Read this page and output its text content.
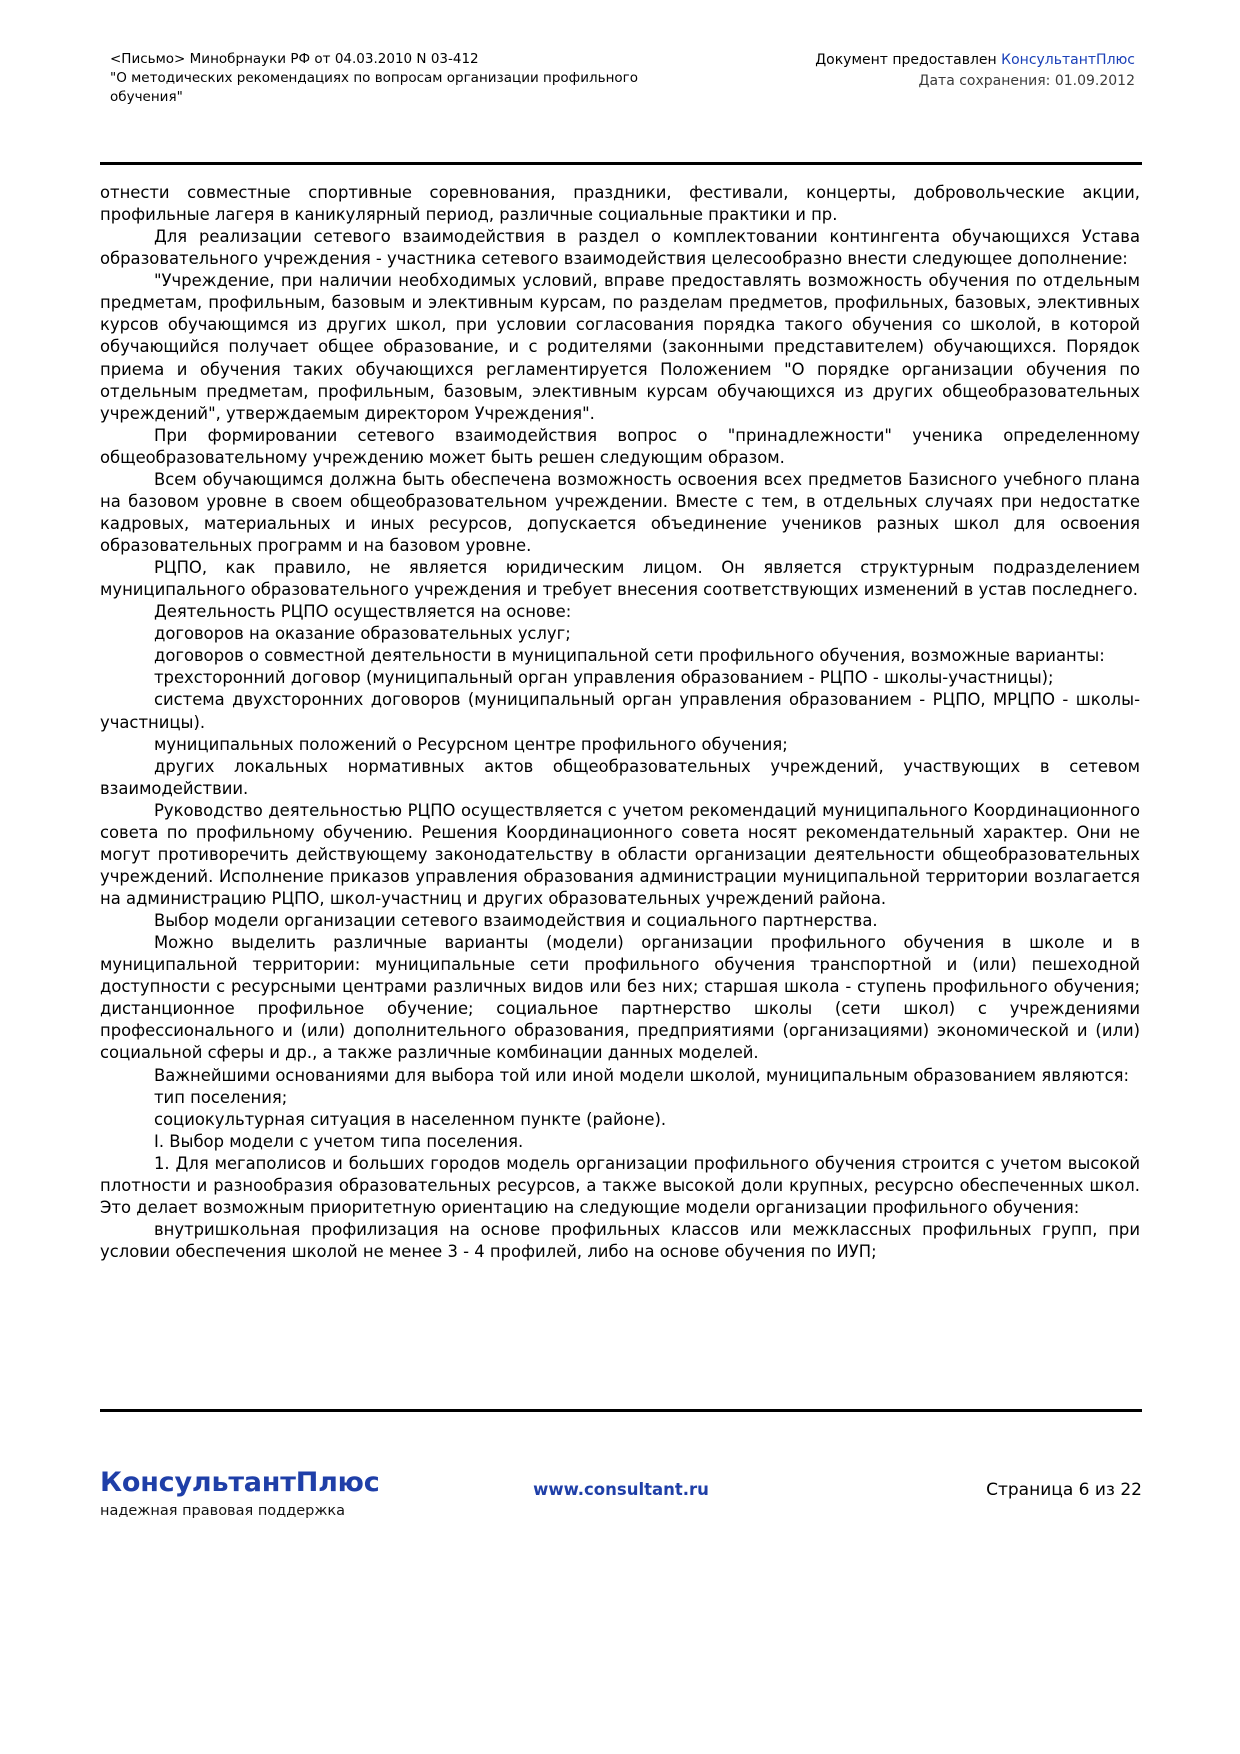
<Письмо> Минобрнауки РФ от 04.03.2010 N 03-412
"О методических рекомендациях по вопросам организации профильного
обучения"
Документ предоставлен КонсультантПлюс
Дата сохранения: 01.09.2012

отнести совместные спортивные соревнования, праздники, фестивали, концерты, добровольческие акции, профильные лагеря в каникулярный период, различные социальные практики и пр.

Для реализации сетевого взаимодействия в раздел о комплектовании контингента обучающихся Устава образовательного учреждения - участника сетевого взаимодействия целесообразно внести следующее дополнение:

"Учреждение, при наличии необходимых условий, вправе предоставлять возможность обучения по отдельным предметам, профильным, базовым и элективным курсам, по разделам предметов, профильных, базовых, элективных курсов обучающимся из других школ, при условии согласования порядка такого обучения со школой, в которой обучающийся получает общее образование, и с родителями (законными представителем) обучающихся. Порядок приема и обучения таких обучающихся регламентируется Положением "О порядке организации обучения по отдельным предметам, профильным, базовым, элективным курсам обучающихся из других общеобразовательных учреждений", утверждаемым директором Учреждения".

При формировании сетевого взаимодействия вопрос о "принадлежности" ученика определенному общеобразовательному учреждению может быть решен следующим образом.

Всем обучающимся должна быть обеспечена возможность освоения всех предметов Базисного учебного плана на базовом уровне в своем общеобразовательном учреждении. Вместе с тем, в отдельных случаях при недостатке кадровых, материальных и иных ресурсов, допускается объединение учеников разных школ для освоения образовательных программ и на базовом уровне.

РЦПО, как правило, не является юридическим лицом. Он является структурным подразделением муниципального образовательного учреждения и требует внесения соответствующих изменений в устав последнего.

Деятельность РЦПО осуществляется на основе:

договоров на оказание образовательных услуг;

договоров о совместной деятельности в муниципальной сети профильного обучения, возможные варианты:

трехсторонний договор (муниципальный орган управления образованием - РЦПО - школы-участницы);

система двухсторонних договоров (муниципальный орган управления образованием - РЦПО, МРЦПО - школы-участницы).

муниципальных положений о Ресурсном центре профильного обучения;

других локальных нормативных актов общеобразовательных учреждений, участвующих в сетевом взаимодействии.

Руководство деятельностью РЦПО осуществляется с учетом рекомендаций муниципального Координационного совета по профильному обучению. Решения Координационного совета носят рекомендательный характер. Они не могут противоречить действующему законодательству в области организации деятельности общеобразовательных учреждений. Исполнение приказов управления образования администрации муниципальной территории возлагается на администрацию РЦПО, школ-участниц и других образовательных учреждений района.

Выбор модели организации сетевого взаимодействия и социального партнерства.

Можно выделить различные варианты (модели) организации профильного обучения в школе и в муниципальной территории: муниципальные сети профильного обучения транспортной и (или) пешеходной доступности с ресурсными центрами различных видов или без них; старшая школа - ступень профильного обучения; дистанционное профильное обучение; социальное партнерство школы (сети школ) с учреждениями профессионального и (или) дополнительного образования, предприятиями (организациями) экономической и (или) социальной сферы и др., а также различные комбинации данных моделей.

Важнейшими основаниями для выбора той или иной модели школой, муниципальным образованием являются:

тип поселения;

социокультурная ситуация в населенном пункте (районе).

I. Выбор модели с учетом типа поселения.

1. Для мегаполисов и больших городов модель организации профильного обучения строится с учетом высокой плотности и разнообразия образовательных ресурсов, а также высокой доли крупных, ресурсно обеспеченных школ. Это делает возможным приоритетную ориентацию на следующие модели организации профильного обучения:

внутришкольная профилизация на основе профильных классов или межклассных профильных групп, при условии обеспечения школой не менее 3 - 4 профилей, либо на основе обучения по ИУП;

КонсультантПлюс
надежная правовая поддержка
www.consultant.ru	Страница 6 из 22
